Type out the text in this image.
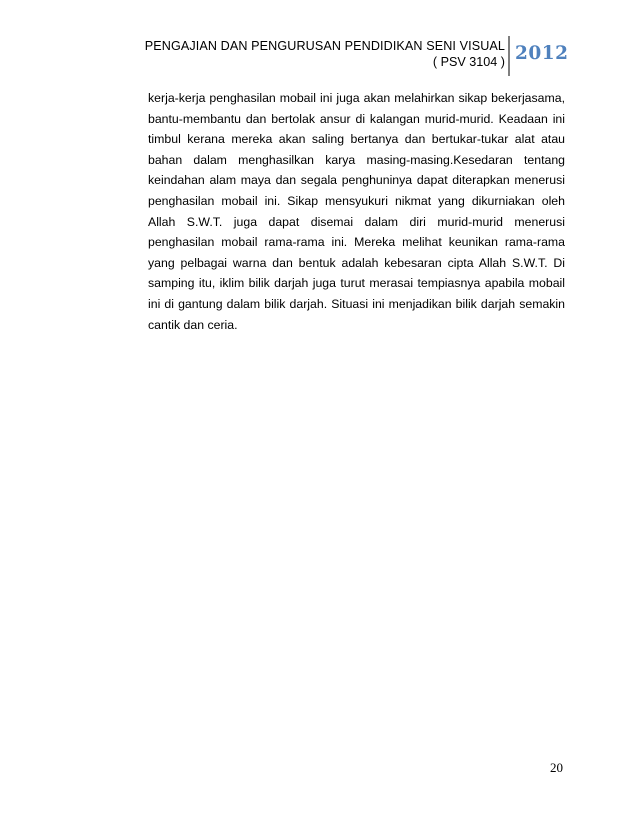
PENGAJIAN DAN PENGURUSAN PENDIDIKAN SENI VISUAL
( PSV 3104 ) 2012

kerja-kerja penghasilan mobail ini juga akan melahirkan sikap bekerjasama, bantu-membantu dan bertolak ansur di kalangan murid-murid. Keadaan ini timbul kerana mereka akan saling bertanya dan bertukar-tukar alat atau bahan dalam menghasilkan karya masing-masing.Kesedaran tentang keindahan alam maya dan segala penghuninya dapat diterapkan menerusi penghasilan mobail ini. Sikap mensyukuri nikmat yang dikurniakan oleh Allah S.W.T. juga dapat disemai dalam diri murid-murid menerusi penghasilan mobail rama-rama ini. Mereka melihat keunikan rama-rama yang pelbagai warna dan bentuk adalah kebesaran cipta Allah S.W.T. Di samping itu, iklim bilik darjah juga turut merasai tempiasnya apabila mobail ini di gantung dalam bilik darjah. Situasi ini menjadikan bilik darjah semakin cantik dan ceria.

20
